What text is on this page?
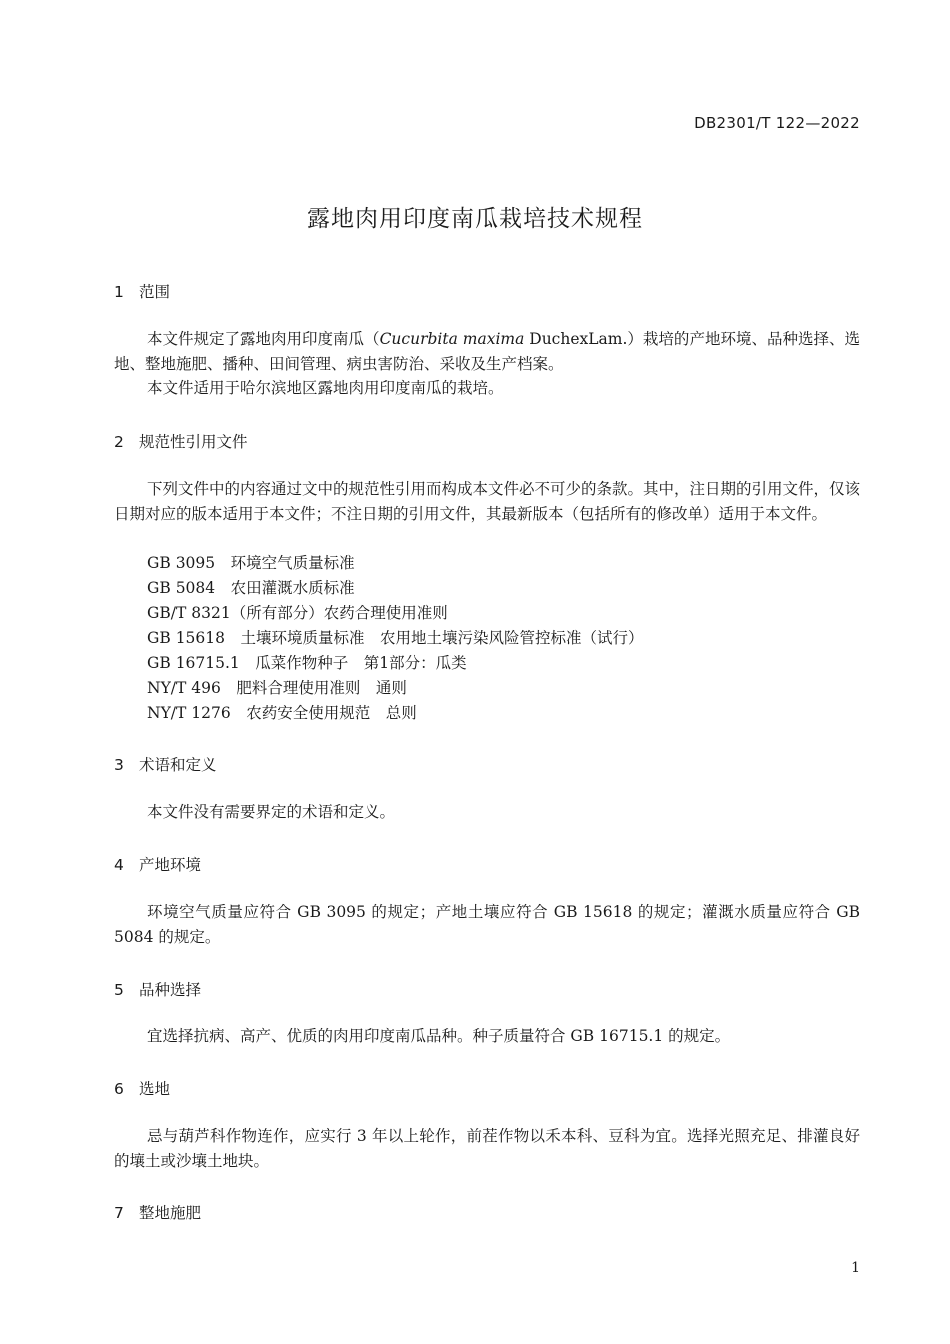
DB2301/T 122—2022
露地肉用印度南瓜栽培技术规程
1 范围

本文件规定了露地肉用印度南瓜（Cucurbita maxima DuchexLam.）栽培的产地环境、品种选择、选地、整地施肥、播种、田间管理、病虫害防治、采收及生产档案。

本文件适用于哈尔滨地区露地肉用印度南瓜的栽培。

2 规范性引用文件

下列文件中的内容通过文中的规范性引用而构成本文件必不可少的条款。其中，注日期的引用文件，仅该日期对应的版本适用于本文件；不注日期的引用文件，其最新版本（包括所有的修改单）适用于本文件。

GB 3095　环境空气质量标准

GB 5084　农田灌溉水质标准

GB/T 8321（所有部分）农药合理使用准则

GB 15618　土壤环境质量标准　农用地土壤污染风险管控标准（试行）

GB 16715.1　瓜菜作物种子　第1部分：瓜类

NY/T 496　肥料合理使用准则　通则

NY/T 1276　农药安全使用规范　总则

3 术语和定义

本文件没有需要界定的术语和定义。

4 产地环境

环境空气质量应符合 GB 3095 的规定；产地土壤应符合 GB 15618 的规定；灌溉水质量应符合 GB 5084 的规定。

5 品种选择

宜选择抗病、高产、优质的肉用印度南瓜品种。种子质量符合 GB 16715.1 的规定。

6 选地

忌与葫芦科作物连作，应实行 3 年以上轮作，前茬作物以禾本科、豆科为宜。选择光照充足、排灌良好的壤土或沙壤土地块。

7 整地施肥
1
